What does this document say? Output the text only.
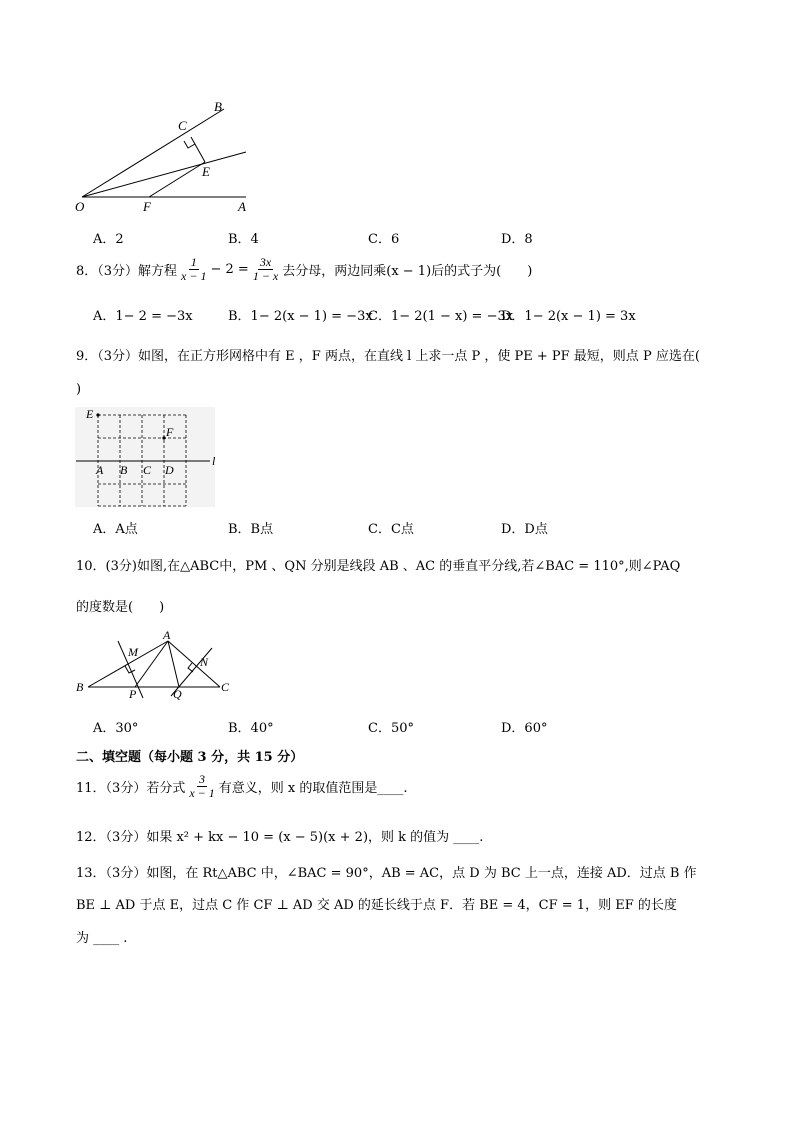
B
C
E
O	F	A
A．2	B．4	C．6	D．8
8．（3分）解方程 $\frac{1}{x - 1} - 2 = \frac{3x}{1 - x}$ 去分母，两边同乘(x − 1)后的式子为(　　)
A．1− 2 = −3x	B．1− 2(x − 1) = −3x
C．1− 2(1 − x) = −3x
D．1− 2(x − 1) = 3x
9．（3分）如图，在正方形网格中有 E ，F 两点，在直线 l 上求一点 P ，使 PE + PF 最短，则点 P 应选在(
)
E
F
A B C D
l
A．A点	B．B点	C．C点	D．D点
10．(3分)如图,在△ABC中，PM 、QN 分别是线段 AB 、AC 的垂直平分线,若∠BAC = 110°,则∠PAQ
的度数是(　　)
A
B	C
M
N
P	Q
A．30°	B．40°	C．50°	D．60°
二、填空题（每小题 3 分，共 15 分）
11．（3分）若分式 $\frac{3}{x - 1}$ 有意义，则 x 的取值范围是____.
12．（3分）如果 x² + kx − 10 = (x − 5)(x + 2)，则 k 的值为 ____.
13．（3分）如图，在 Rt△ABC 中，∠BAC = 90°，AB = AC，点 D 为 BC 上一点，连接 AD．过点 B 作
BE ⊥ AD 于点 E，过点 C 作 CF ⊥ AD 交 AD 的延长线于点 F．若 BE = 4，CF = 1，则 EF 的长度
为 ____ .
